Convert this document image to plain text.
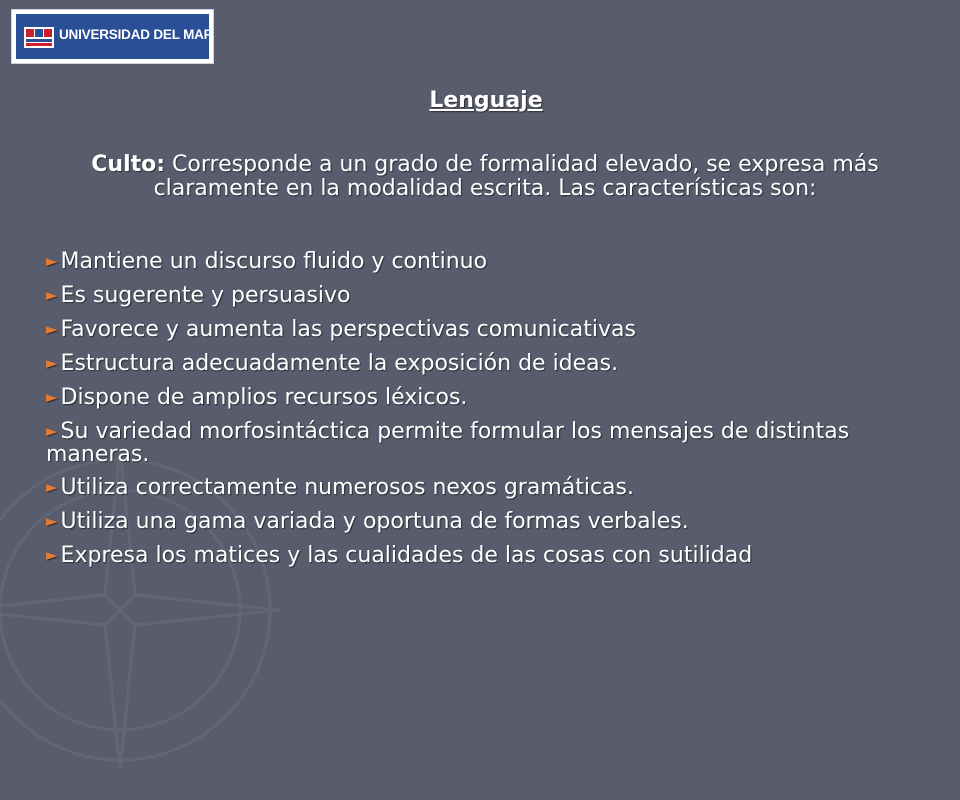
UNIVERSIDAD DEL MAR
Lenguaje
Culto: Corresponde a un grado de formalidad elevado, se expresa más claramente en la modalidad escrita. Las características son:
► Mantiene un discurso fluido y continuo
► Es sugerente y persuasivo
► Favorece y aumenta las perspectivas comunicativas
► Estructura adecuadamente la exposición de ideas.
► Dispone de amplios recursos léxicos.
► Su variedad morfosintáctica permite formular los mensajes de distintas maneras.
► Utiliza correctamente numerosos nexos gramáticas.
► Utiliza una gama variada y oportuna de formas verbales.
► Expresa los matices y las cualidades de las cosas con sutilidad
